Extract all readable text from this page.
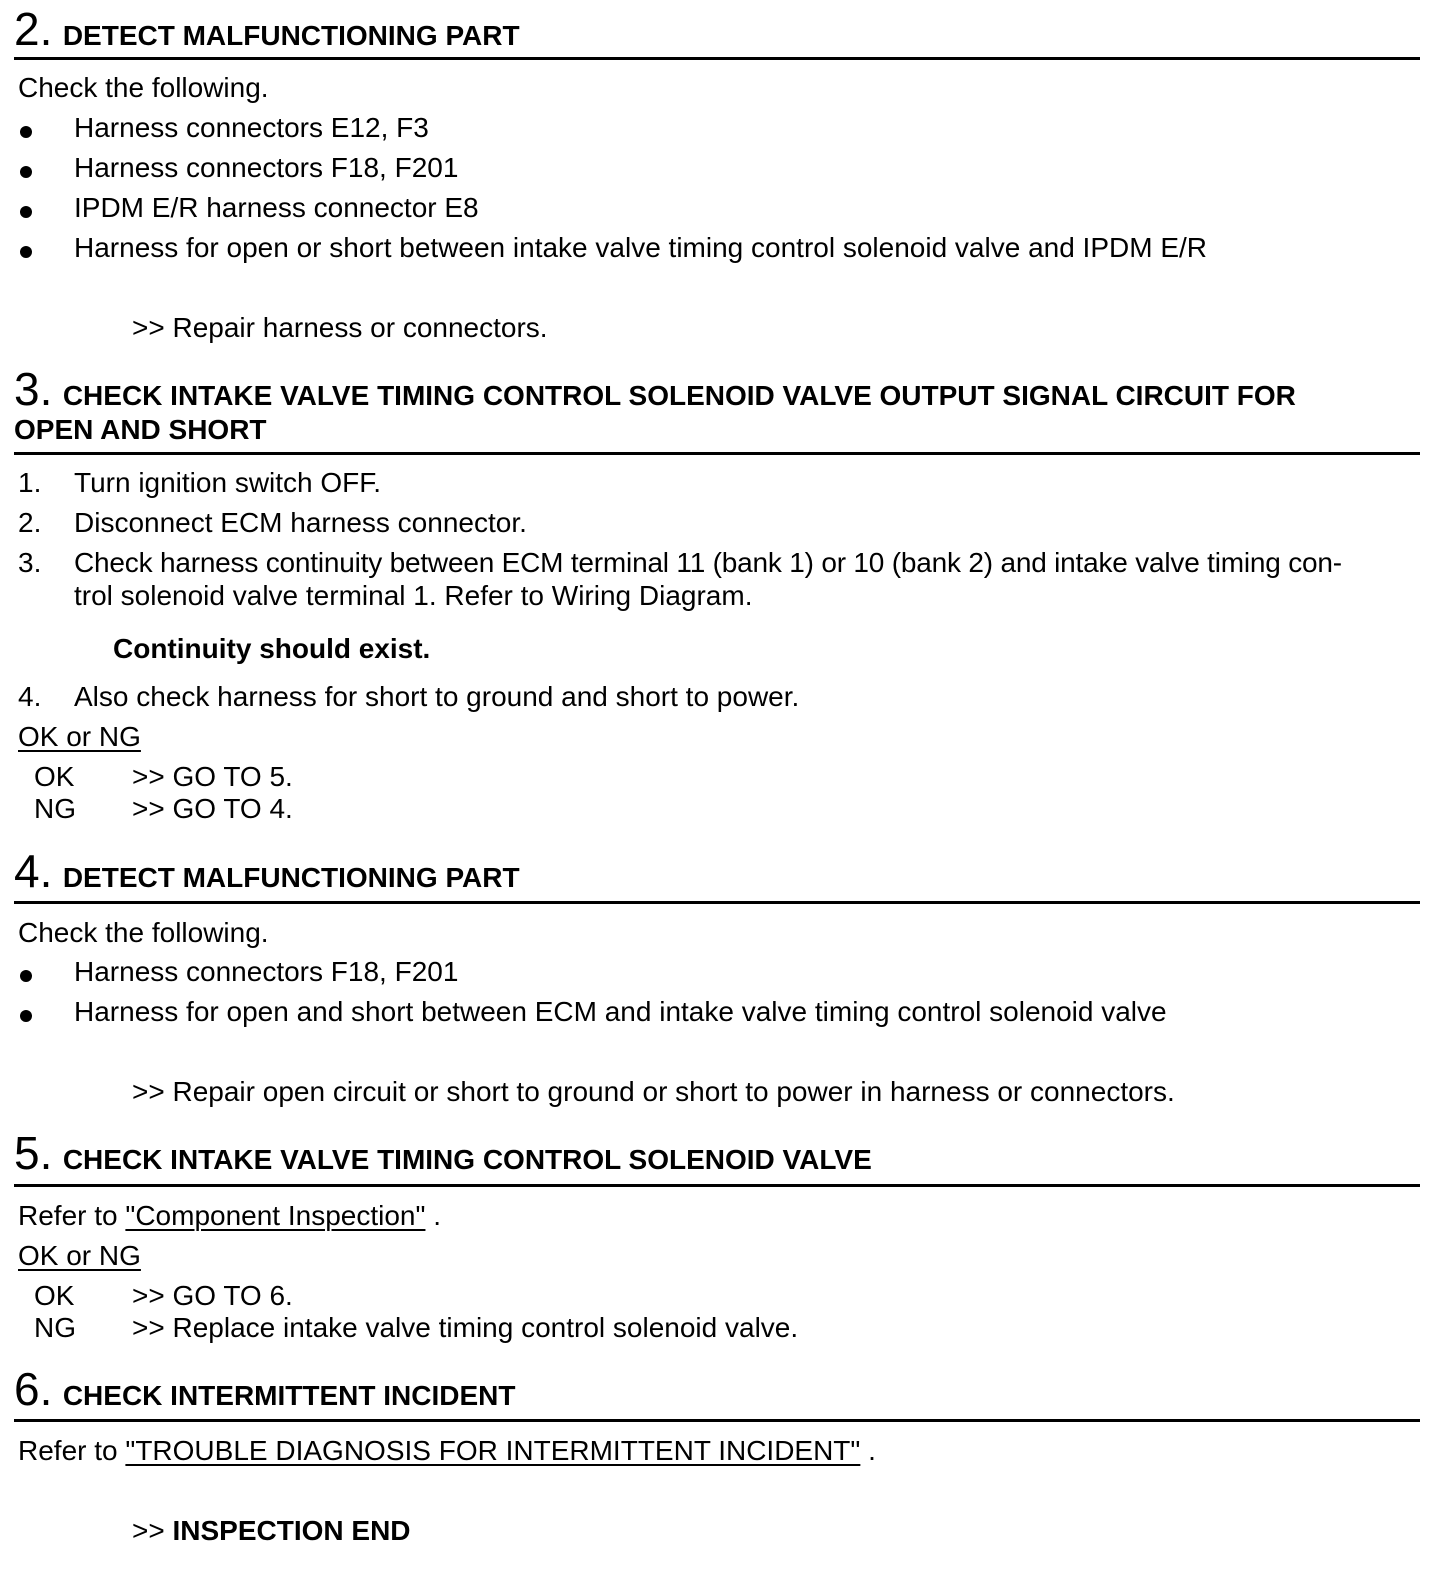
2. DETECT MALFUNCTIONING PART
Check the following.
Harness connectors E12, F3
Harness connectors F18, F201
IPDM E/R harness connector E8
Harness for open or short between intake valve timing control solenoid valve and IPDM E/R
>> Repair harness or connectors.
3. CHECK INTAKE VALVE TIMING CONTROL SOLENOID VALVE OUTPUT SIGNAL CIRCUIT FOR
OPEN AND SHORT
1. Turn ignition switch OFF.
2. Disconnect ECM harness connector.
3. Check harness continuity between ECM terminal 11 (bank 1) or 10 (bank 2) and intake valve timing con-
trol solenoid valve terminal 1. Refer to Wiring Diagram.
Continuity should exist.
4. Also check harness for short to ground and short to power.
OK or NG
OK >> GO TO 5.
NG >> GO TO 4.
4. DETECT MALFUNCTIONING PART
Check the following.
Harness connectors F18, F201
Harness for open and short between ECM and intake valve timing control solenoid valve
>> Repair open circuit or short to ground or short to power in harness or connectors.
5. CHECK INTAKE VALVE TIMING CONTROL SOLENOID VALVE
Refer to "Component Inspection" .
OK or NG
OK >> GO TO 6.
NG >> Replace intake valve timing control solenoid valve.
6. CHECK INTERMITTENT INCIDENT
Refer to "TROUBLE DIAGNOSIS FOR INTERMITTENT INCIDENT" .
>> INSPECTION END
